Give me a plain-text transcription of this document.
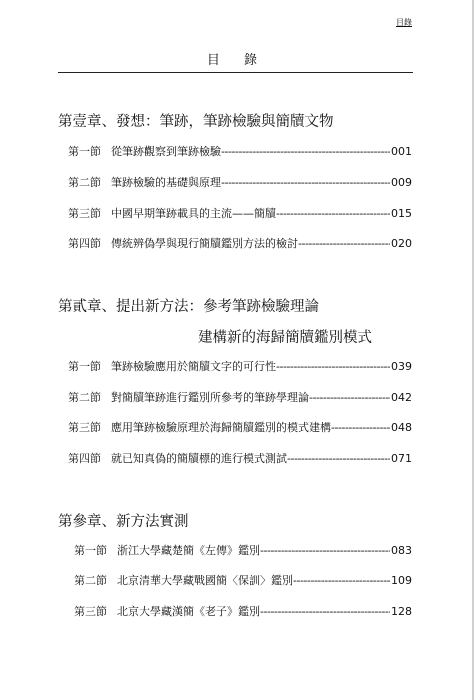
目錄
目 錄
第壹章、發想：筆跡，筆跡檢驗與簡牘文物
第一節 從筆跡觀察到筆跡檢驗 -----	001
第二節 筆跡檢驗的基礎與原理 -----	009
第三節 中國早期筆跡載具的主流——簡牘 -----	015
第四節 傳統辨偽學與現行簡牘鑑別方法的檢討 -----	020
第貳章、提出新方法：參考筆跡檢驗理論
建構新的海歸簡牘鑑別模式
第一節 筆跡檢驗應用於簡牘文字的可行性 -----	039
第二節 對簡牘筆跡進行鑑別所參考的筆跡學理論 -----	042
第三節 應用筆跡檢驗原理於海歸簡牘鑑別的模式建構 -----	048
第四節 就已知真偽的簡牘標的進行模式測試 -----	071
第參章、新方法實測
第一節 浙江大學藏楚簡《左傳》鑑別 -----	083
第二節 北京清華大學藏戰國簡〈保訓〉鑑別 -----	109
第三節 北京大學藏漢簡《老子》鑑別 -----	128
